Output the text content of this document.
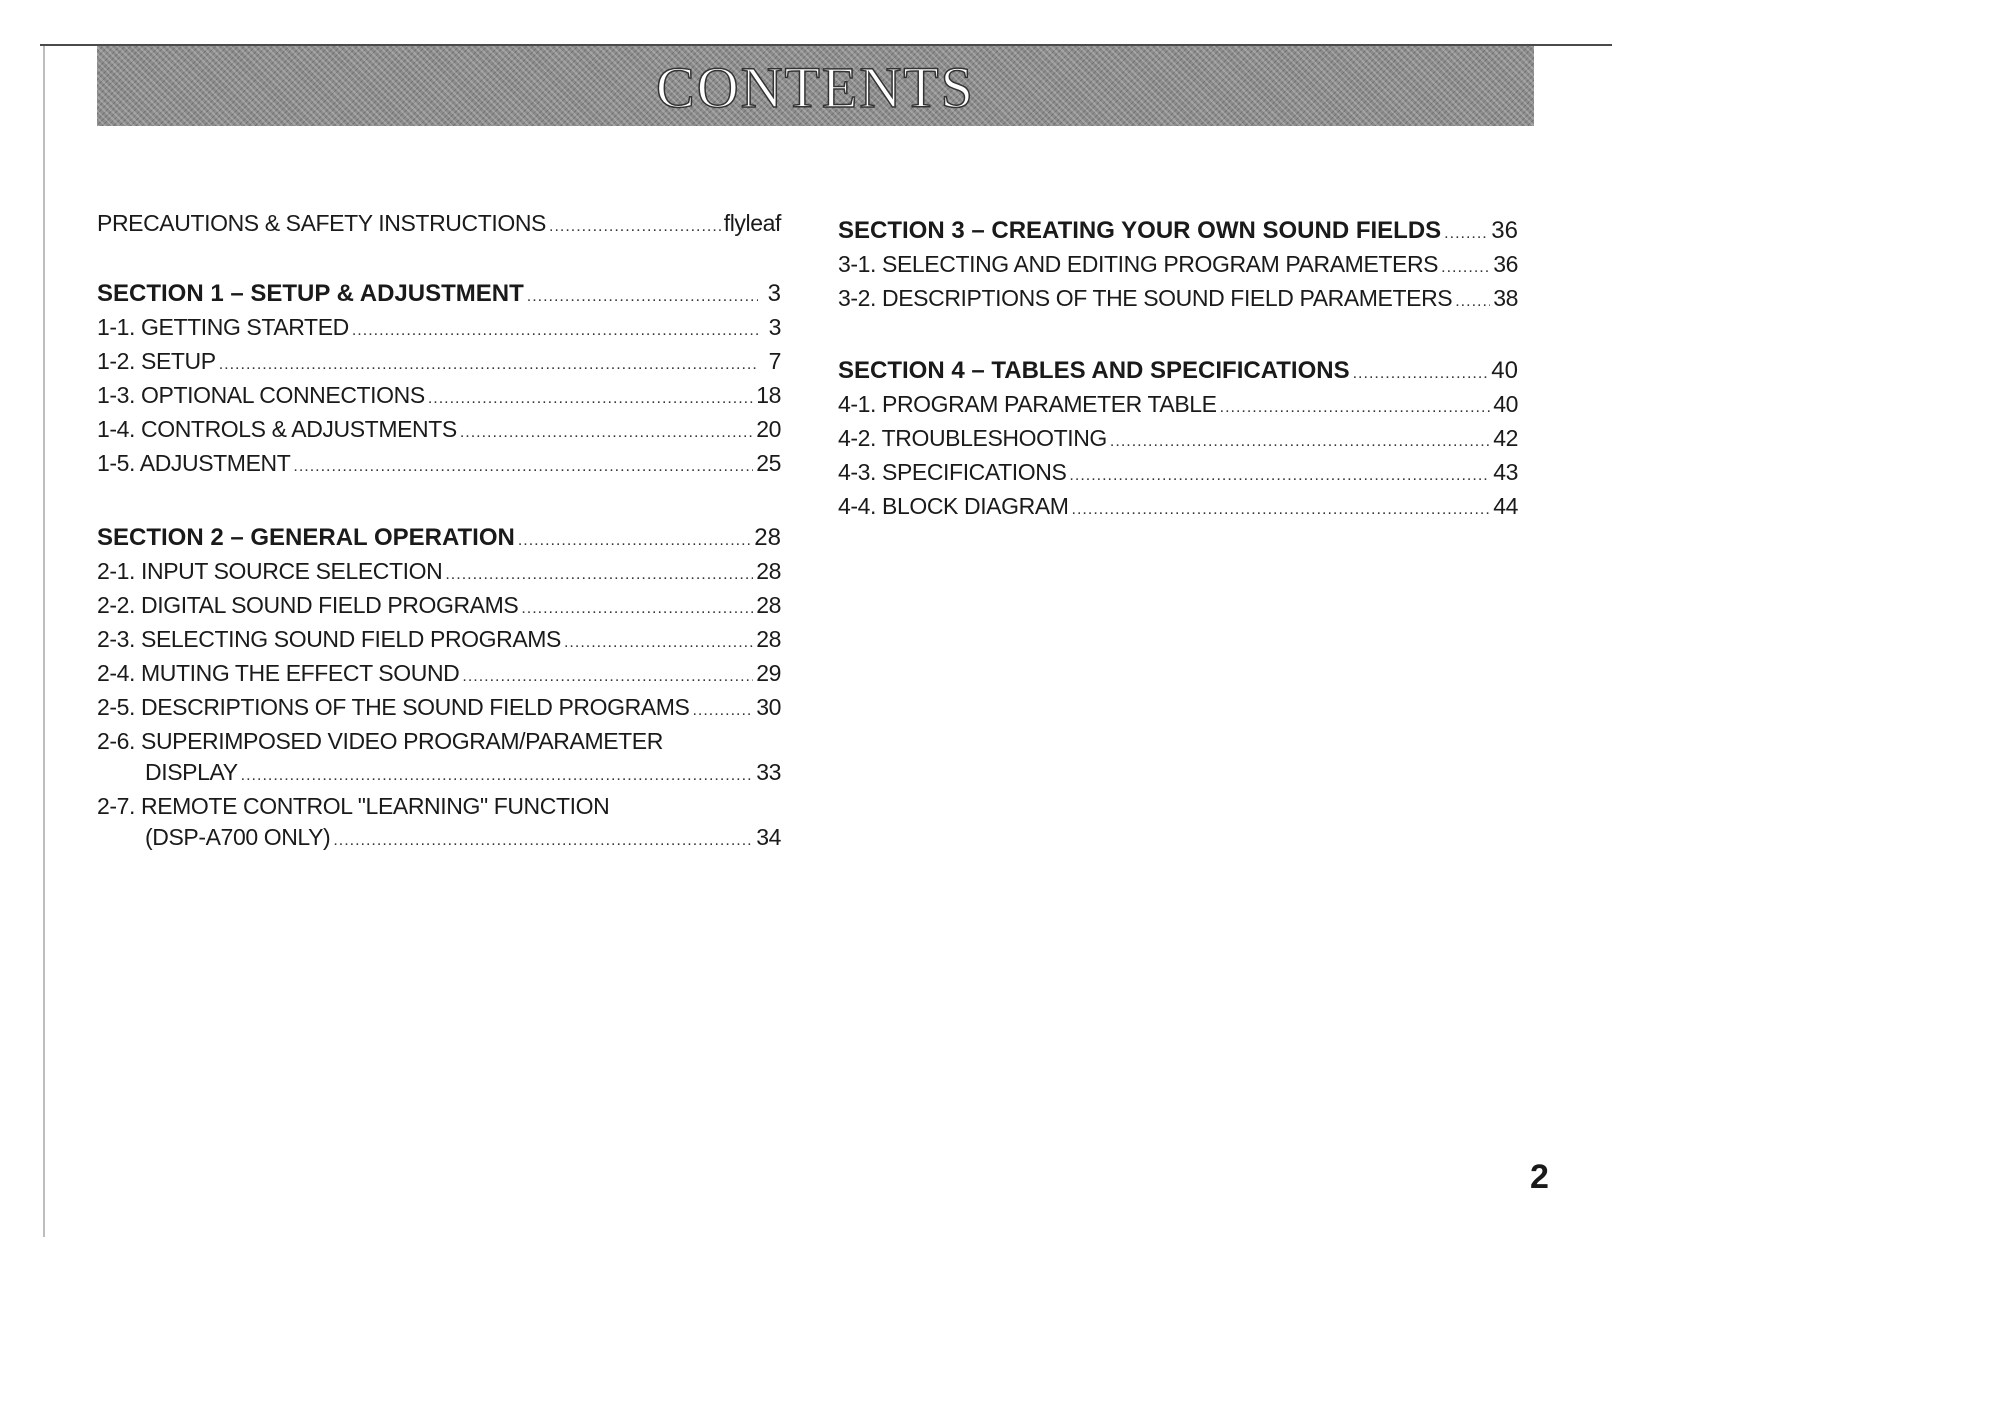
CONTENTS
PRECAUTIONS & SAFETY INSTRUCTIONS .....	flyleaf
SECTION 1 – SETUP & ADJUSTMENT .....	3
1-1. GETTING STARTED .....	3
1-2. SETUP .....	7
1-3. OPTIONAL CONNECTIONS .....	18
1-4. CONTROLS & ADJUSTMENTS .....	20
1-5. ADJUSTMENT .....	25
SECTION 2 – GENERAL OPERATION .....	28
2-1. INPUT SOURCE SELECTION .....	28
2-2. DIGITAL SOUND FIELD PROGRAMS .....	28
2-3. SELECTING SOUND FIELD PROGRAMS .....	28
2-4. MUTING THE EFFECT SOUND .....	29
2-5. DESCRIPTIONS OF THE SOUND FIELD PROGRAMS .....	30
2-6. SUPERIMPOSED VIDEO PROGRAM/PARAMETER
DISPLAY .....	33
2-7. REMOTE CONTROL "LEARNING" FUNCTION
(DSP-A700 ONLY) .....	34
SECTION 3 – CREATING YOUR OWN SOUND FIELDS ..... 36
3-1. SELECTING AND EDITING PROGRAM PARAMETERS ..... 36
3-2. DESCRIPTIONS OF THE SOUND FIELD PARAMETERS ..... 38
SECTION 4 – TABLES AND SPECIFICATIONS .....	40
4-1. PROGRAM PARAMETER TABLE .....	40
4-2. TROUBLESHOOTING .....	42
4-3. SPECIFICATIONS .....	43
4-4. BLOCK DIAGRAM .....	44
2
